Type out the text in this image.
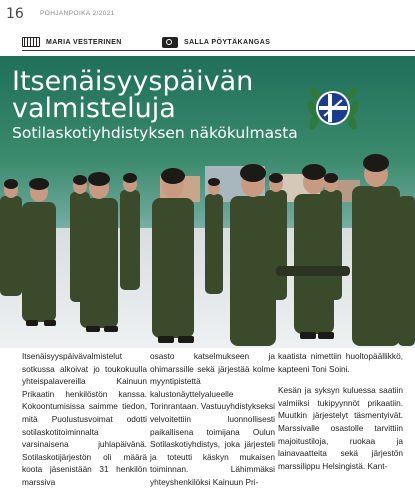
16 POHJANPOIKA 2/2021
MARIA VESTERINEN	SALLA PÖYTÄKANGAS
Itsenäisyyspäivän
valmisteluja
Sotilaskotiyhdistyksen näkökulmasta

Itsenäisyyspäivävalmistelut sotkussa alkoivat jo toukokuulla yhteispalavereilla Kainuun Prikaatin henkilöstön kanssa. Kokoontumisissa saimme tiedon, mitä Puolustusvoimat odotti sotilaskotitoiminnalta varsinaisena juhlapäivänä. Sotilaskotijärjestön oli määrä koota jäsenistään 31 henkilön marssiva

osasto katselmukseen ja ohimarssille sekä järjestää kolme myyntipistettä kalustonäyttelyalueelle Torinrantaan. Vastuuyhdistykseksi velvoitettiin luonnollisesti paikallisena toimijana Oulun Sotilaskotiyhdistys, joka järjesteli ja toteutti käskyn mukaisen toiminnan. Lähimmäksi yhteyshenkilöksi Kainuun Pri-

kaatista nimettiin huoltopäällikkö, kapteeni Toni Soini.

Kesän ja syksyn kuluessa saatiin valmiiksi tukipyynnöt prikaatiin. Muutkin järjestelyt täsmentyivät. Marssivalle osastolle tarvittiin majoitustiloja, ruokaa ja lainavaatteita sekä järjestön marssilippu Helsingistä. Kant-
